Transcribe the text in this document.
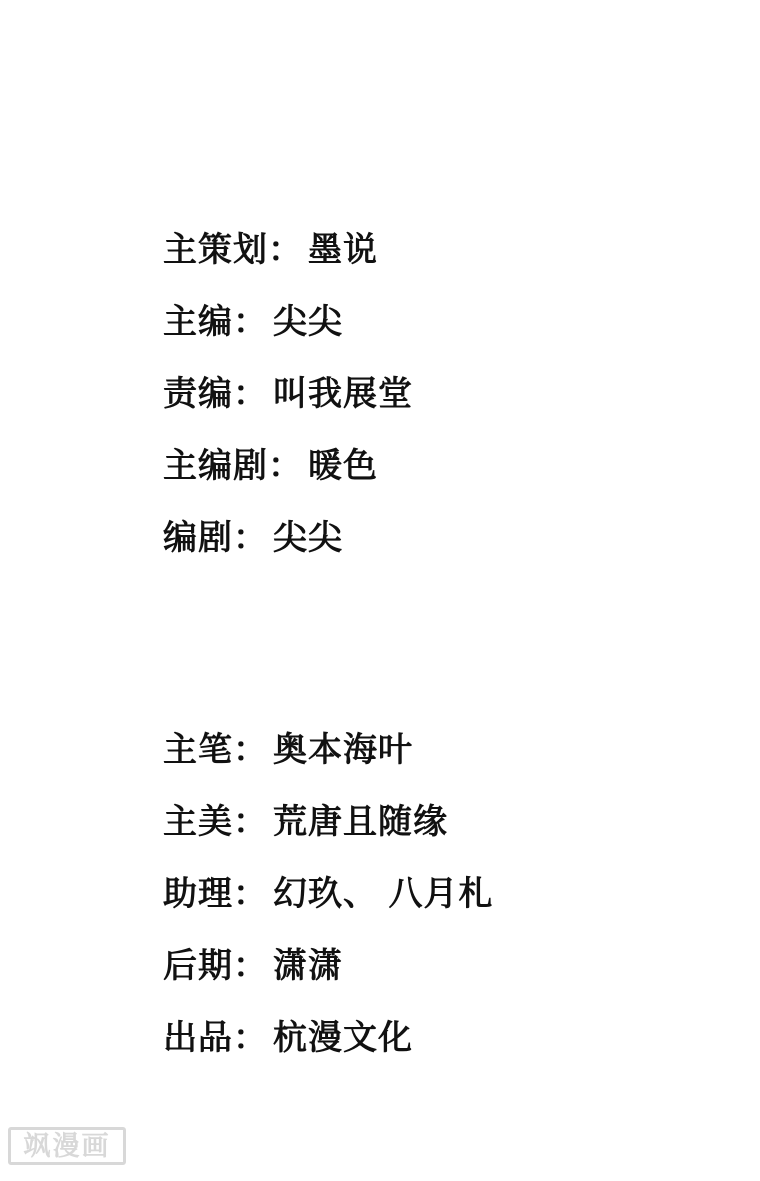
主策划 ： 墨说
主编 ： 尖尖
责编 ： 叫我展堂
主编剧 ： 暖色
编剧 ： 尖尖
主笔 ： 奥本海叶
主美 ： 荒唐且随缘
助理 ： 幻玖、 八月札
后期 ： 潇潇
出品 ： 杭漫文化
飒漫画
